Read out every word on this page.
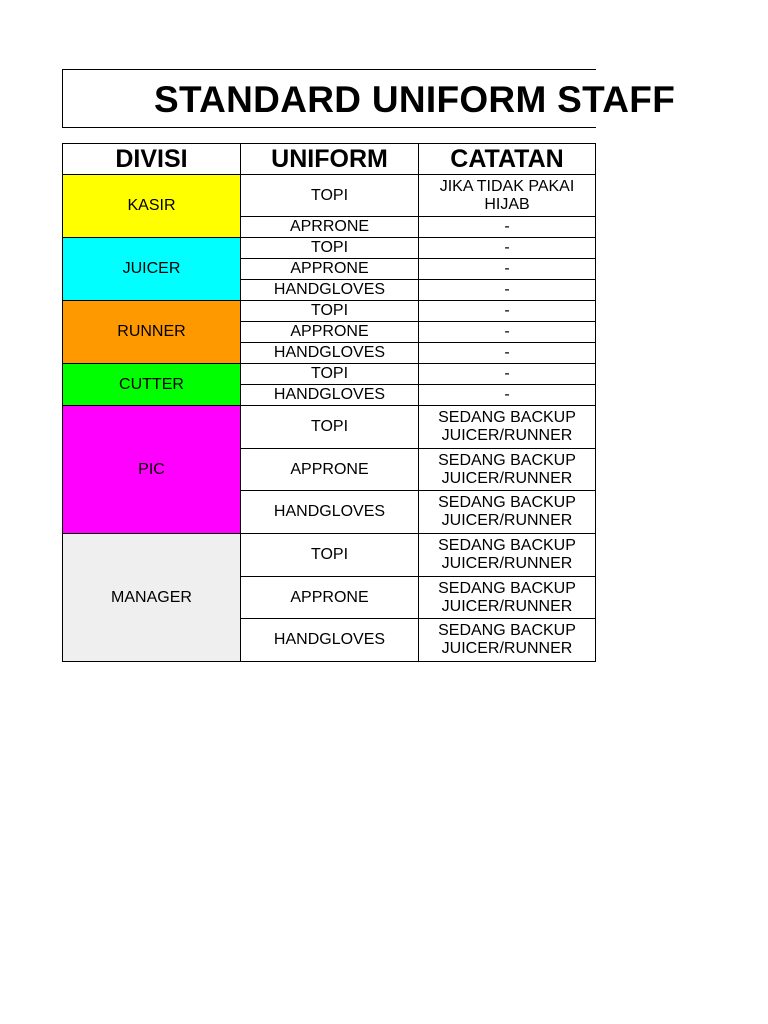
STANDARD UNIFORM STAFF
DIVISI	UNIFORM	CATATAN
KASIR	TOPI	JIKA TIDAK PAKAI HIJAB
	APRRONE	-
JUICER	TOPI	-
	APPRONE	-
	HANDGLOVES	-
RUNNER	TOPI	-
	APPRONE	-
	HANDGLOVES	-
CUTTER	TOPI	-
	HANDGLOVES	-
PIC	TOPI	SEDANG BACKUP JUICER/RUNNER
	APPRONE	SEDANG BACKUP JUICER/RUNNER
	HANDGLOVES	SEDANG BACKUP JUICER/RUNNER
MANAGER	TOPI	SEDANG BACKUP JUICER/RUNNER
	APPRONE	SEDANG BACKUP JUICER/RUNNER
	HANDGLOVES	SEDANG BACKUP JUICER/RUNNER
